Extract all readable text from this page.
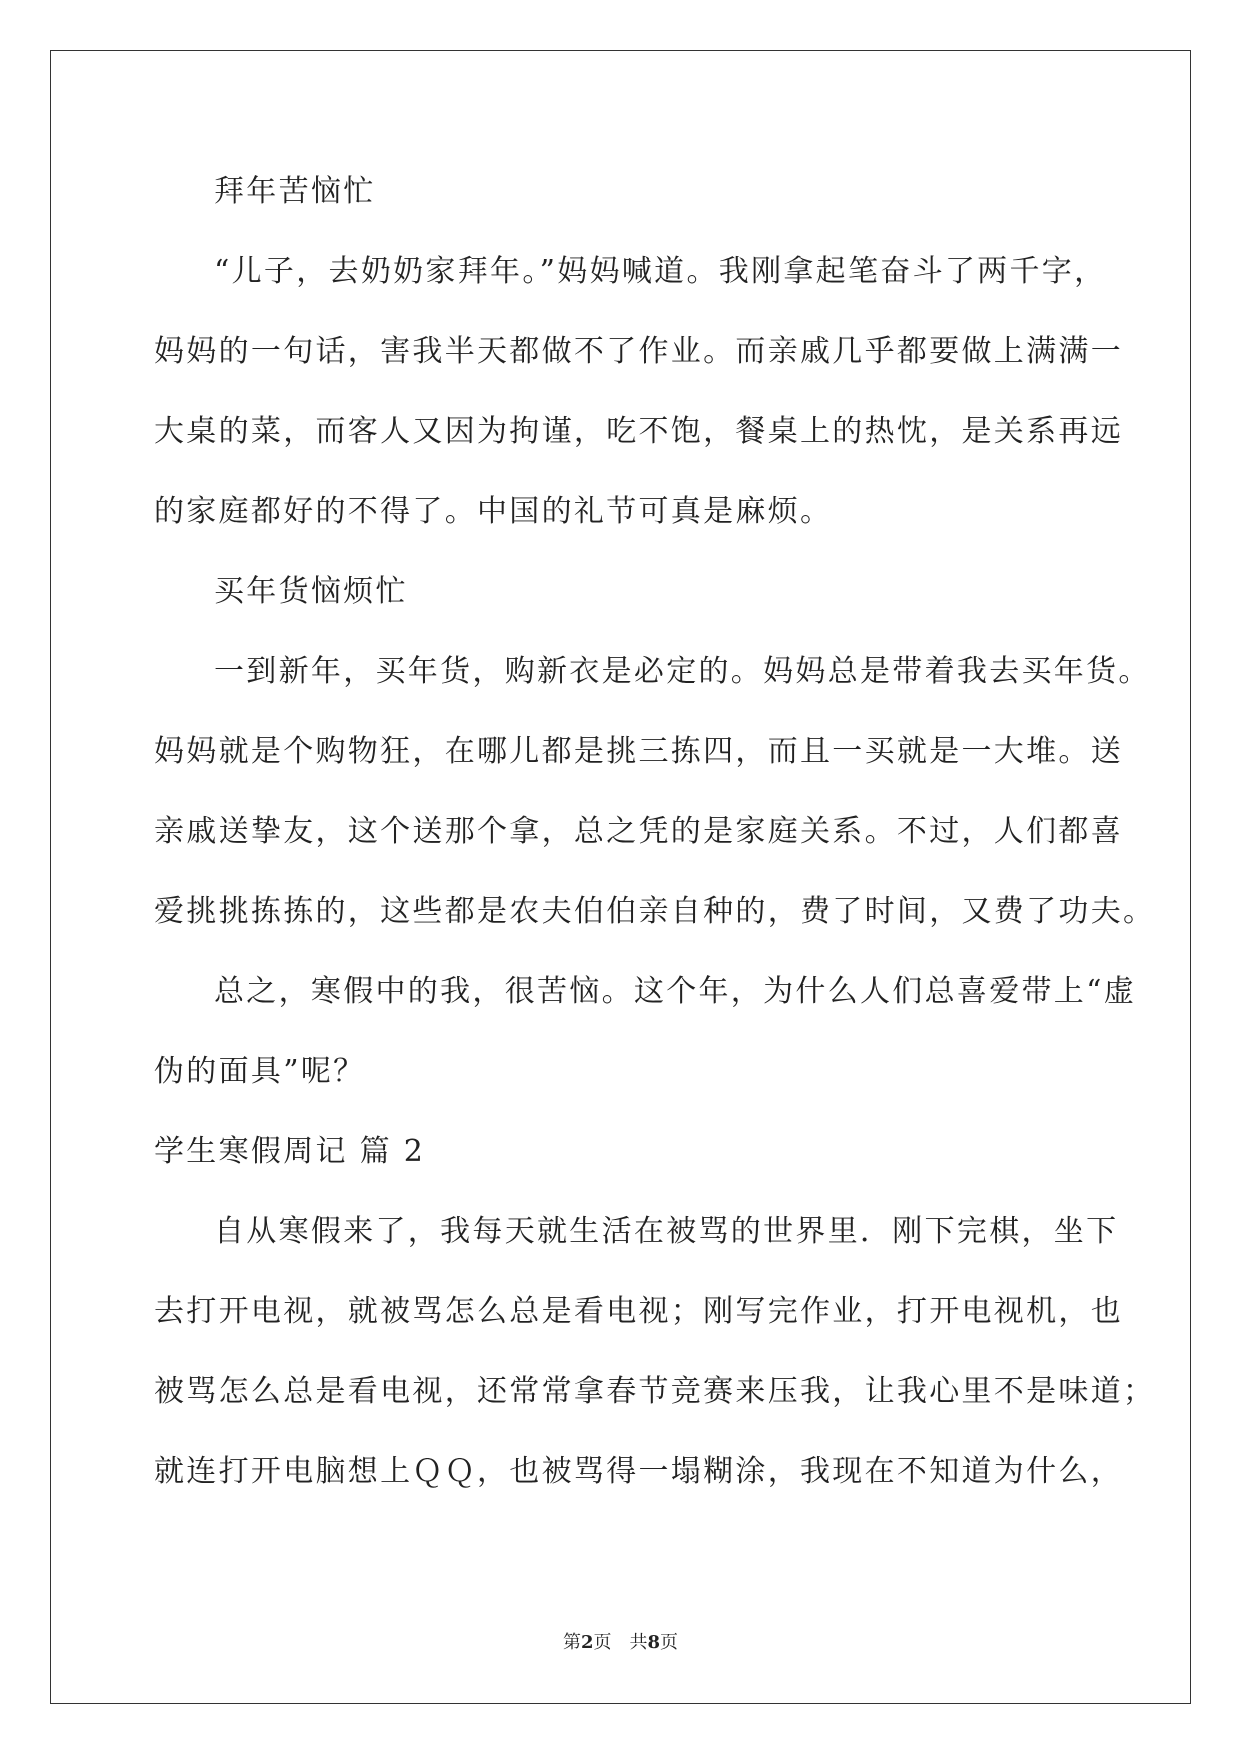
拜年苦恼忙

“儿子，去奶奶家拜年。”妈妈喊道。我刚拿起笔奋斗了两千字，

妈妈的一句话，害我半天都做不了作业。而亲戚几乎都要做上满满一

大桌的菜，而客人又因为拘谨，吃不饱，餐桌上的热忱，是关系再远

的家庭都好的不得了。中国的礼节可真是麻烦。

买年货恼烦忙

一到新年，买年货，购新衣是必定的。妈妈总是带着我去买年货。

妈妈就是个购物狂，在哪儿都是挑三拣四，而且一买就是一大堆。送

亲戚送挚友，这个送那个拿，总之凭的是家庭关系。不过，人们都喜

爱挑挑拣拣的，这些都是农夫伯伯亲自种的，费了时间，又费了功夫。

总之，寒假中的我，很苦恼。这个年，为什么人们总喜爱带上“虚

伪的面具”呢？

学生寒假周记 篇 2

自从寒假来了，我每天就生活在被骂的世界里．刚下完棋，坐下

去打开电视，就被骂怎么总是看电视；刚写完作业，打开电视机，也

被骂怎么总是看电视，还常常拿春节竞赛来压我，让我心里不是味道；

就连打开电脑想上ＱＱ，也被骂得一塌糊涂，我现在不知道为什么，

第2页　共8页
